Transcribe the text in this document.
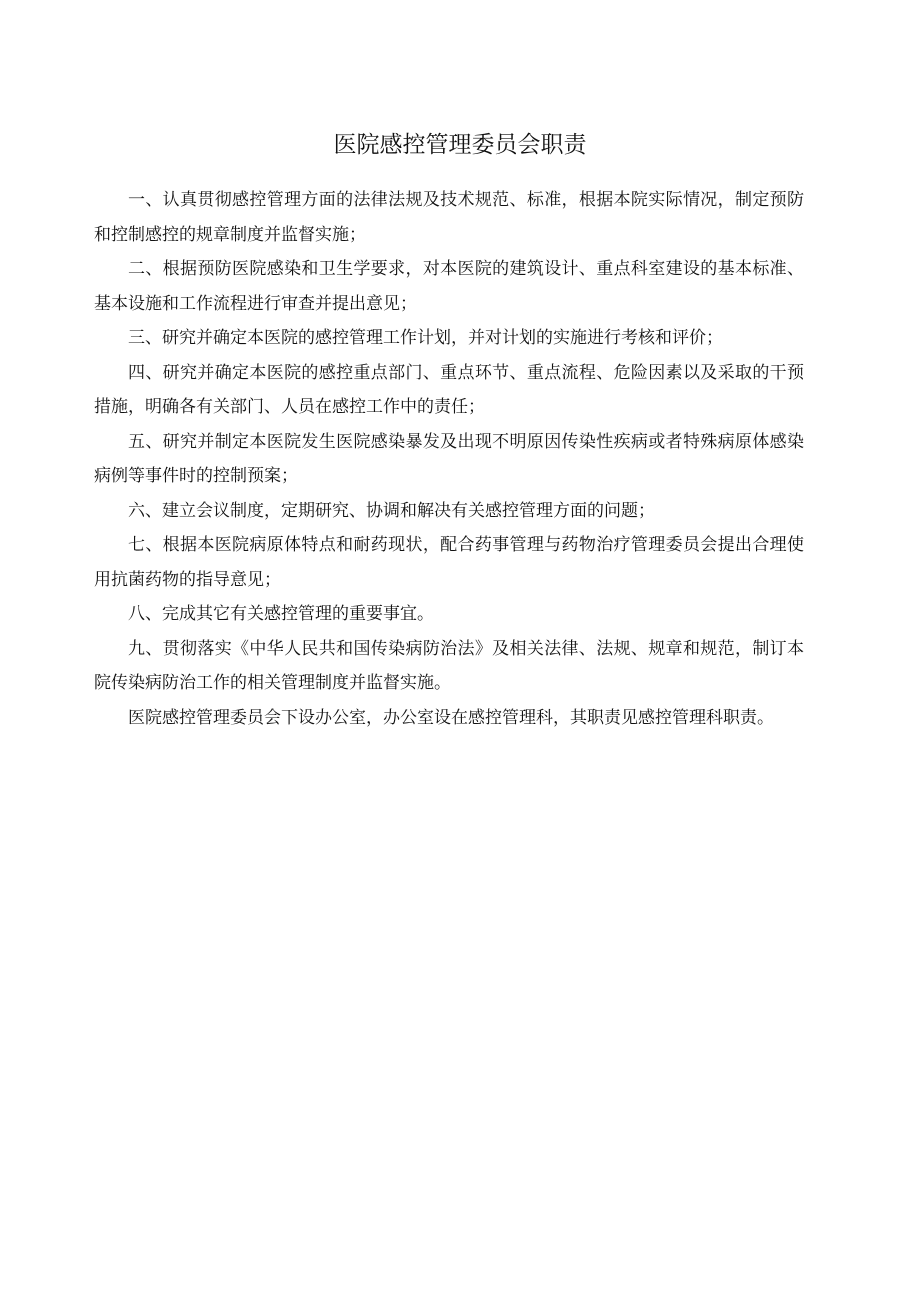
医院感控管理委员会职责

一、认真贯彻感控管理方面的法律法规及技术规范、标准，根据本院实际情况，制定预防和控制感控的规章制度并监督实施；

二、根据预防医院感染和卫生学要求，对本医院的建筑设计、重点科室建设的基本标准、基本设施和工作流程进行审查并提出意见；

三、研究并确定本医院的感控管理工作计划，并对计划的实施进行考核和评价；

四、研究并确定本医院的感控重点部门、重点环节、重点流程、危险因素以及采取的干预措施，明确各有关部门、人员在感控工作中的责任；

五、研究并制定本医院发生医院感染暴发及出现不明原因传染性疾病或者特殊病原体感染病例等事件时的控制预案；

六、建立会议制度，定期研究、协调和解决有关感控管理方面的问题；

七、根据本医院病原体特点和耐药现状，配合药事管理与药物治疗管理委员会提出合理使用抗菌药物的指导意见；

八、完成其它有关感控管理的重要事宜。

九、贯彻落实《中华人民共和国传染病防治法》及相关法律、法规、规章和规范，制订本院传染病防治工作的相关管理制度并监督实施。

医院感控管理委员会下设办公室，办公室设在感控管理科，其职责见感控管理科职责。
